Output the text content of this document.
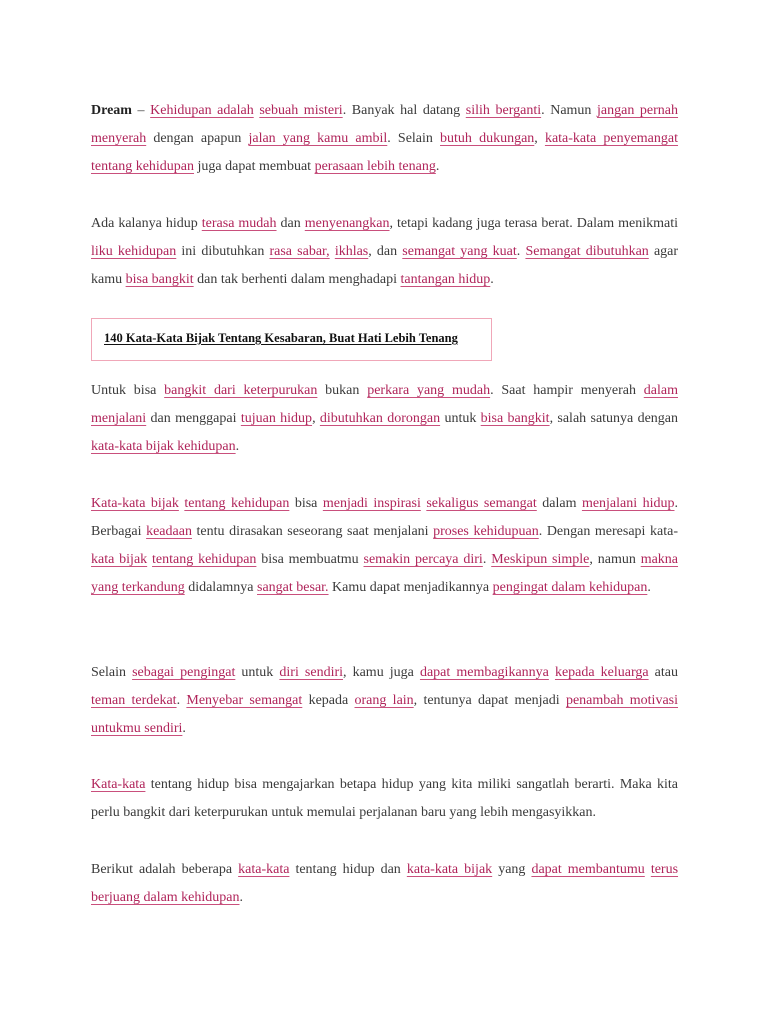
Dream – Kehidupan adalah sebuah misteri. Banyak hal datang silih berganti. Namun jangan pernah menyerah dengan apapun jalan yang kamu ambil. Selain butuh dukungan, kata-kata penyemangat tentang kehidupan juga dapat membuat perasaan lebih tenang.

Ada kalanya hidup terasa mudah dan menyenangkan, tetapi kadang juga terasa berat. Dalam menikmati liku kehidupan ini dibutuhkan rasa sabar, ikhlas, dan semangat yang kuat. Semangat dibutuhkan agar kamu bisa bangkit dan tak berhenti dalam menghadapi tantangan hidup.

140 Kata-Kata Bijak Tentang Kesabaran, Buat Hati Lebih Tenang

Untuk bisa bangkit dari keterpurukan bukan perkara yang mudah. Saat hampir menyerah dalam menjalani dan menggapai tujuan hidup, dibutuhkan dorongan untuk bisa bangkit, salah satunya dengan kata-kata bijak kehidupan.

Kata-kata bijak tentang kehidupan bisa menjadi inspirasi sekaligus semangat dalam menjalani hidup. Berbagai keadaan tentu dirasakan seseorang saat menjalani proses kehidupuan. Dengan meresapi kata-kata bijak tentang kehidupan bisa membuatmu semakin percaya diri. Meskipun simple, namun makna yang terkandung didalamnya sangat besar. Kamu dapat menjadikannya pengingat dalam kehidupan.

Selain sebagai pengingat untuk diri sendiri, kamu juga dapat membagikannya kepada keluarga atau teman terdekat. Menyebar semangat kepada orang lain, tentunya dapat menjadi penambah motivasi untukmu sendiri.

Kata-kata tentang hidup bisa mengajarkan betapa hidup yang kita miliki sangatlah berarti. Maka kita perlu bangkit dari keterpurukan untuk memulai perjalanan baru yang lebih mengasyikkan.

Berikut adalah beberapa kata-kata tentang hidup dan kata-kata bijak yang dapat membantumu terus berjuang dalam kehidupan.
